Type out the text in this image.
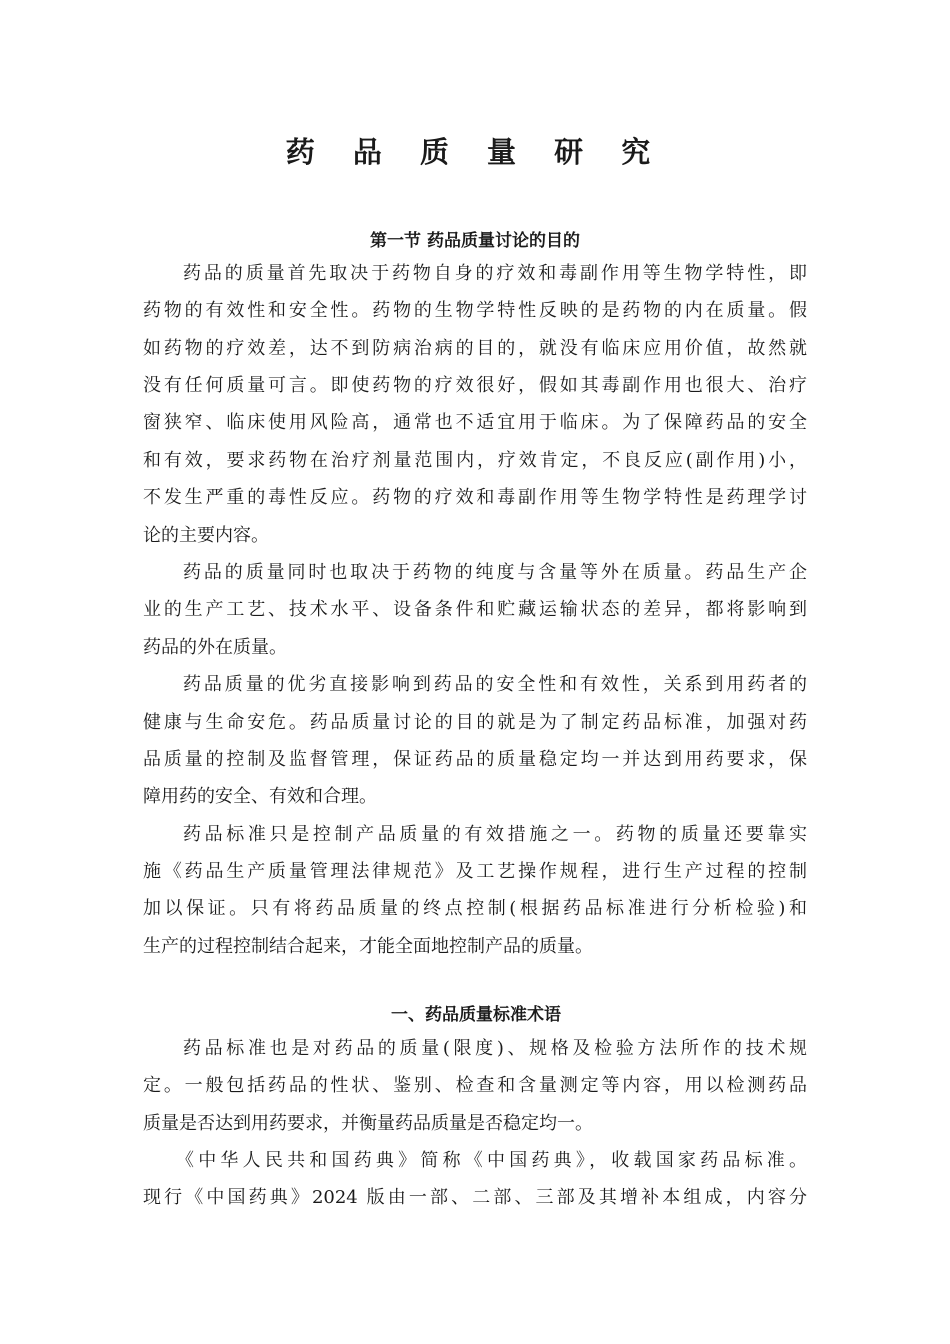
药 品 质 量 研 究
第一节 药品质量讨论的目的
药品的质量首先取决于药物自身的疗效和毒副作用等生物学特性，即
药物的有效性和安全性。药物的生物学特性反映的是药物的内在质量。假
如药物的疗效差，达不到防病治病的目的，就没有临床应用价值，故然就
没有任何质量可言。即使药物的疗效很好，假如其毒副作用也很大、治疗
窗狭窄、临床使用风险高，通常也不适宜用于临床。为了保障药品的安全
和有效，要求药物在治疗剂量范围内，疗效肯定，不良反应(副作用)小，
不发生严重的毒性反应。药物的疗效和毒副作用等生物学特性是药理学讨
论的主要内容。
药品的质量同时也取决于药物的纯度与含量等外在质量。药品生产企
业的生产工艺、技术水平、设备条件和贮藏运输状态的差异，都将影响到
药品的外在质量。
药品质量的优劣直接影响到药品的安全性和有效性，关系到用药者的
健康与生命安危。药品质量讨论的目的就是为了制定药品标准，加强对药
品质量的控制及监督管理，保证药品的质量稳定均一并达到用药要求，保
障用药的安全、有效和合理。
药品标准只是控制产品质量的有效措施之一。药物的质量还要靠实
施《药品生产质量管理法律规范》及工艺操作规程，进行生产过程的控制
加以保证。只有将药品质量的终点控制(根据药品标准进行分析检验)和
生产的过程控制结合起来，才能全面地控制产品的质量。
一、药品质量标准术语
药品标准也是对药品的质量(限度)、规格及检验方法所作的技术规
定。一般包括药品的性状、鉴别、检查和含量测定等内容，用以检测药品
质量是否达到用药要求，并衡量药品质量是否稳定均一。
《中华人民共和国药典》简称《中国药典》，收载国家药品标准。
现行《中国药典》2024 版由一部、二部、三部及其增补本组成，内容分
